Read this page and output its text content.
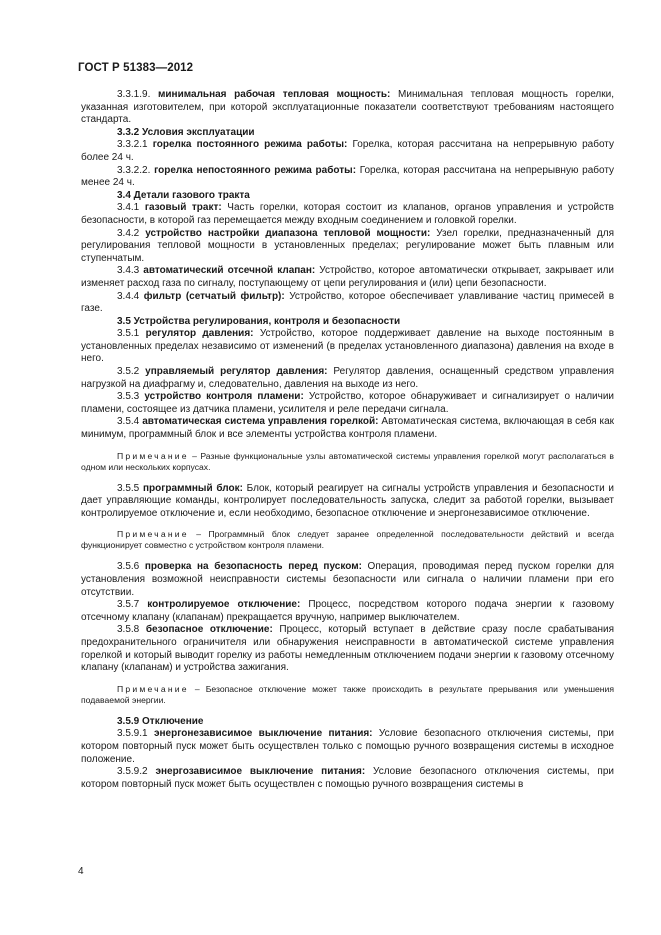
ГОСТ Р 51383—2012

3.3.1.9. минимальная рабочая тепловая мощность: Минимальная тепловая мощность горелки, указанная изготовителем, при которой эксплуатационные показатели соответствуют требованиям настоящего стандарта.

3.3.2 Условия эксплуатации

3.3.2.1 горелка постоянного режима работы: Горелка, которая рассчитана на непрерывную работу более 24 ч.

3.3.2.2. горелка непостоянного режима работы: Горелка, которая рассчитана на непрерывную работу менее 24 ч.

3.4 Детали газового тракта

3.4.1 газовый тракт: Часть горелки, которая состоит из клапанов, органов управления и устройств безопасности, в которой газ перемещается между входным соединением и головкой горелки.

3.4.2 устройство настройки диапазона тепловой мощности: Узел горелки, предназначенный для регулирования тепловой мощности в установленных пределах; регулирование может быть плавным или ступенчатым.

3.4.3 автоматический отсечной клапан: Устройство, которое автоматически открывает, закрывает или изменяет расход газа по сигналу, поступающему от цепи регулирования и (или) цепи безопасности.

3.4.4 фильтр (сетчатый фильтр): Устройство, которое обеспечивает улавливание частиц примесей в газе.

3.5 Устройства регулирования, контроля и безопасности

3.5.1 регулятор давления: Устройство, которое поддерживает давление на выходе постоянным в установленных пределах независимо от изменений (в пределах установленного диапазона) давления на входе в него.

3.5.2 управляемый регулятор давления: Регулятор давления, оснащенный средством управления нагрузкой на диафрагму и, следовательно, давления на выходе из него.

3.5.3 устройство контроля пламени: Устройство, которое обнаруживает и сигнализирует о наличии пламени, состоящее из датчика пламени, усилителя и реле передачи сигнала.

3.5.4 автоматическая система управления горелкой: Автоматическая система, включающая в себя как минимум, программный блок и все элементы устройства контроля пламени.

Примечание – Разные функциональные узлы автоматической системы управления горелкой могут располагаться в одном или нескольких корпусах.

3.5.5 программный блок: Блок, который реагирует на сигналы устройств управления и безопасности и дает управляющие команды, контролирует последовательность запуска, следит за работой горелки, вызывает контролируемое отключение и, если необходимо, безопасное отключение и энергонезависимое отключение.

Примечание – Программный блок следует заранее определенной последовательности действий и всегда функционирует совместно с устройством контроля пламени.

3.5.6 проверка на безопасность перед пуском: Операция, проводимая перед пуском горелки для установления возможной неисправности системы безопасности или сигнала о наличии пламени при его отсутствии.

3.5.7 контролируемое отключение: Процесс, посредством которого подача энергии к газовому отсечному клапану (клапанам) прекращается вручную, например выключателем.

3.5.8 безопасное отключение: Процесс, который вступает в действие сразу после срабатывания предохранительного ограничителя или обнаружения неисправности в автоматической системе управления горелкой и который выводит горелку из работы немедленным отключением подачи энергии к газовому отсечному клапану (клапанам) и устройства зажигания.

Примечание – Безопасное отключение может также происходить в результате прерывания или уменьшения подаваемой энергии.

3.5.9 Отключение

3.5.9.1 энергонезависимое выключение питания: Условие безопасного отключения системы, при котором повторный пуск может быть осуществлен только с помощью ручного возвращения системы в исходное положение.

3.5.9.2 энергозависимое выключение питания: Условие безопасного отключения системы, при котором повторный пуск может быть осуществлен с помощью ручного возвращения системы в

4
